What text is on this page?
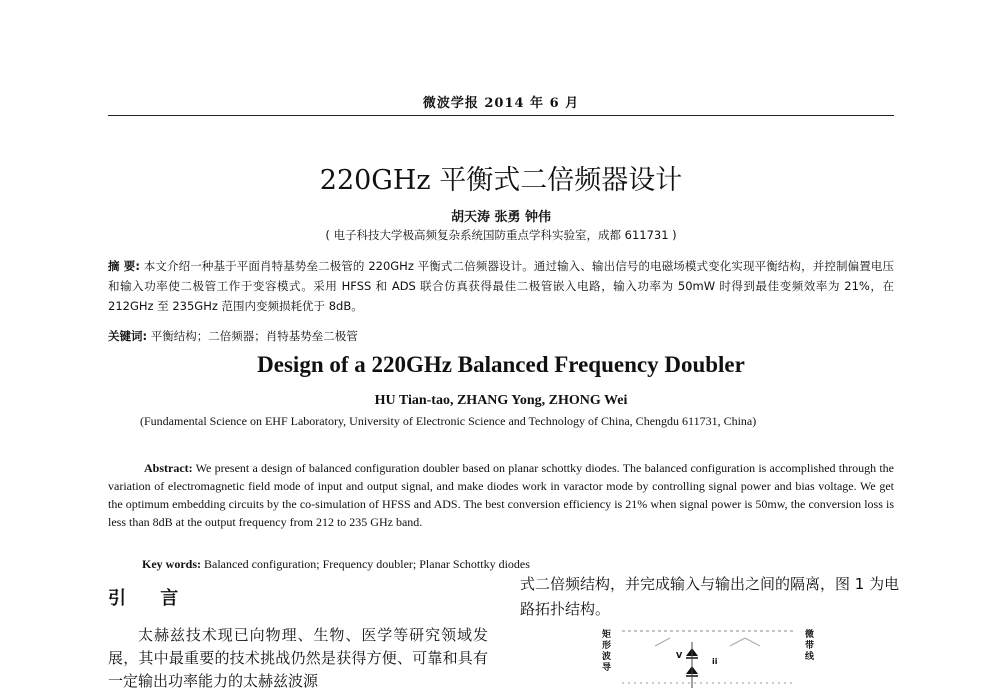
微波学报 2014 年 6 月
220GHz 平衡式二倍频器设计
胡天涛 张勇 钟伟
( 电子科技大学极高频复杂系统国防重点学科实验室，成都 611731 )
摘 要: 本文介绍一种基于平面肖特基势垒二极管的 220GHz 平衡式二倍频器设计。通过输入、输出信号的电磁场模式变化实现平衡结构，并控制偏置电压和输入功率使二极管工作于变容模式。采用 HFSS 和 ADS 联合仿真获得最佳二极管嵌入电路，输入功率为 50mW 时得到最佳变频效率为 21%，在 212GHz 至 235GHz 范围内变频损耗优于 8dB。
关键词: 平衡结构；二倍频器；肖特基势垒二极管
Design of a 220GHz Balanced Frequency Doubler
HU Tian-tao, ZHANG Yong, ZHONG Wei
(Fundamental Science on EHF Laboratory, University of Electronic Science and Technology of China, Chengdu 611731, China)
Abstract: We present a design of balanced configuration doubler based on planar schottky diodes. The balanced configuration is accomplished through the variation of electromagnetic field mode of input and output signal, and make diodes work in varactor mode by controlling signal power and bias voltage. We get the optimum embedding circuits by the co-simulation of HFSS and ADS. The best conversion efficiency is 21% when signal power is 50mw, the conversion loss is less than 8dB at the output frequency from 212 to 235 GHz band.
Key words: Balanced configuration; Frequency doubler; Planar Schottky diodes
引 言
太赫兹技术现已向物理、生物、医学等研究领域发展，其中最重要的技术挑战仍然是获得方便、可靠和具有一定输出功率能力的太赫兹波源
式二倍频结构，并完成输入与输出之间的隔离，图 1 为电路拓扑结构。
矩形波导
微带线
V
ii
